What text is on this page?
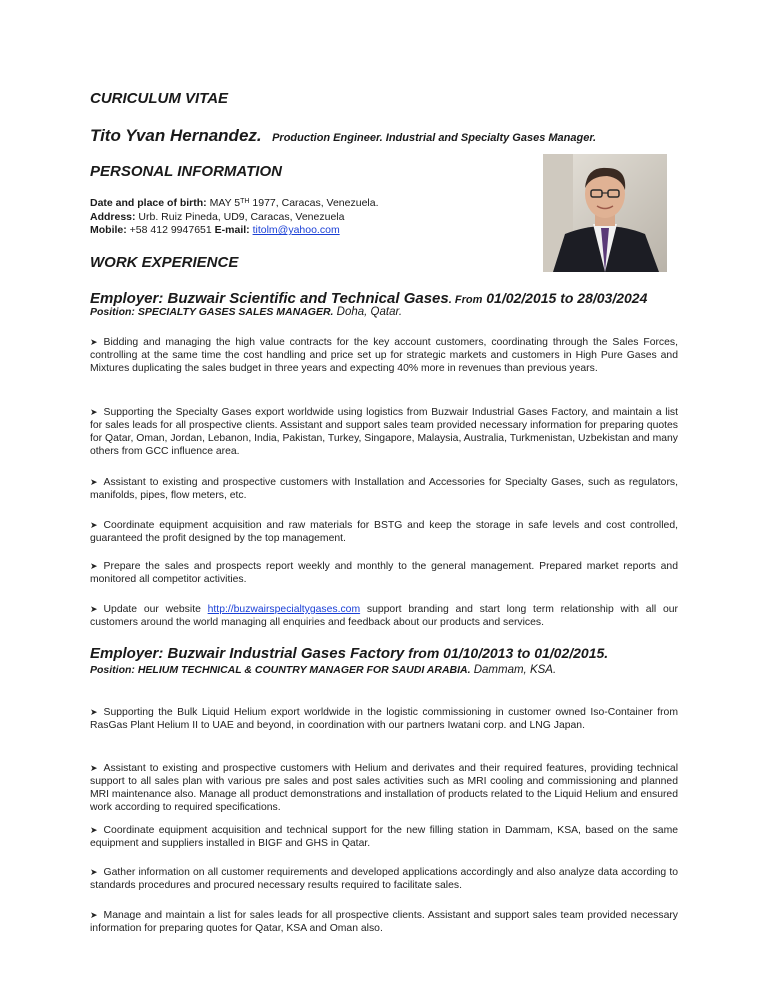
CURICULUM VITAE
Tito Yvan Hernandez. Production Engineer. Industrial and Specialty Gases Manager.
PERSONAL INFORMATION
Date and place of birth: MAY 5TH 1977, Caracas, Venezuela.
Address: Urb. Ruiz Pineda, UD9, Caracas, Venezuela
Mobile: +58 412 9947651 E-mail: titolm@yahoo.com
WORK EXPERIENCE
Employer: Buzwair Scientific and Technical Gases. From 01/02/2015 to 28/03/2024
Position: SPECIALTY GASES SALES MANAGER. Doha, Qatar.
➤ Bidding and managing the high value contracts for the key account customers, coordinating through the Sales Forces, controlling at the same time the cost handling and price set up for strategic markets and customers in High Pure Gases and Mixtures duplicating the sales budget in three years and expecting 40% more in revenues than previous years.
➤ Supporting the Specialty Gases export worldwide using logistics from Buzwair Industrial Gases Factory, and maintain a list for sales leads for all prospective clients. Assistant and support sales team provided necessary information for preparing quotes for Qatar, Oman, Jordan, Lebanon, India, Pakistan, Turkey, Singapore, Malaysia, Australia, Turkmenistan, Uzbekistan and many others from GCC influence area.
➤ Assistant to existing and prospective customers with Installation and Accessories for Specialty Gases, such as regulators, manifolds, pipes, flow meters, etc.
➤ Coordinate equipment acquisition and raw materials for BSTG and keep the storage in safe levels and cost controlled, guaranteed the profit designed by the top management.
➤ Prepare the sales and prospects report weekly and monthly to the general management. Prepared market reports and monitored all competitor activities.
➤ Update our website http://buzwairspecialtygases.com support branding and start long term relationship with all our customers around the world managing all enquiries and feedback about our products and services.
Employer: Buzwair Industrial Gases Factory from 01/10/2013 to 01/02/2015.
Position: HELIUM TECHNICAL & COUNTRY MANAGER FOR SAUDI ARABIA. Dammam, KSA.
➤ Supporting the Bulk Liquid Helium export worldwide in the logistic commissioning in customer owned Iso-Container from RasGas Plant Helium II to UAE and beyond, in coordination with our partners Iwatani corp. and LNG Japan.
➤ Assistant to existing and prospective customers with Helium and derivates and their required features, providing technical support to all sales plan with various pre sales and post sales activities such as MRI cooling and commissioning and planned MRI maintenance also. Manage all product demonstrations and installation of products related to the Liquid Helium and ensured work according to required specifications.
➤ Coordinate equipment acquisition and technical support for the new filling station in Dammam, KSA, based on the same equipment and suppliers installed in BIGF and GHS in Qatar.
➤ Gather information on all customer requirements and developed applications accordingly and also analyze data according to standards procedures and procured necessary results required to facilitate sales.
➤ Manage and maintain a list for sales leads for all prospective clients. Assistant and support sales team provided necessary information for preparing quotes for Qatar, KSA and Oman also.
